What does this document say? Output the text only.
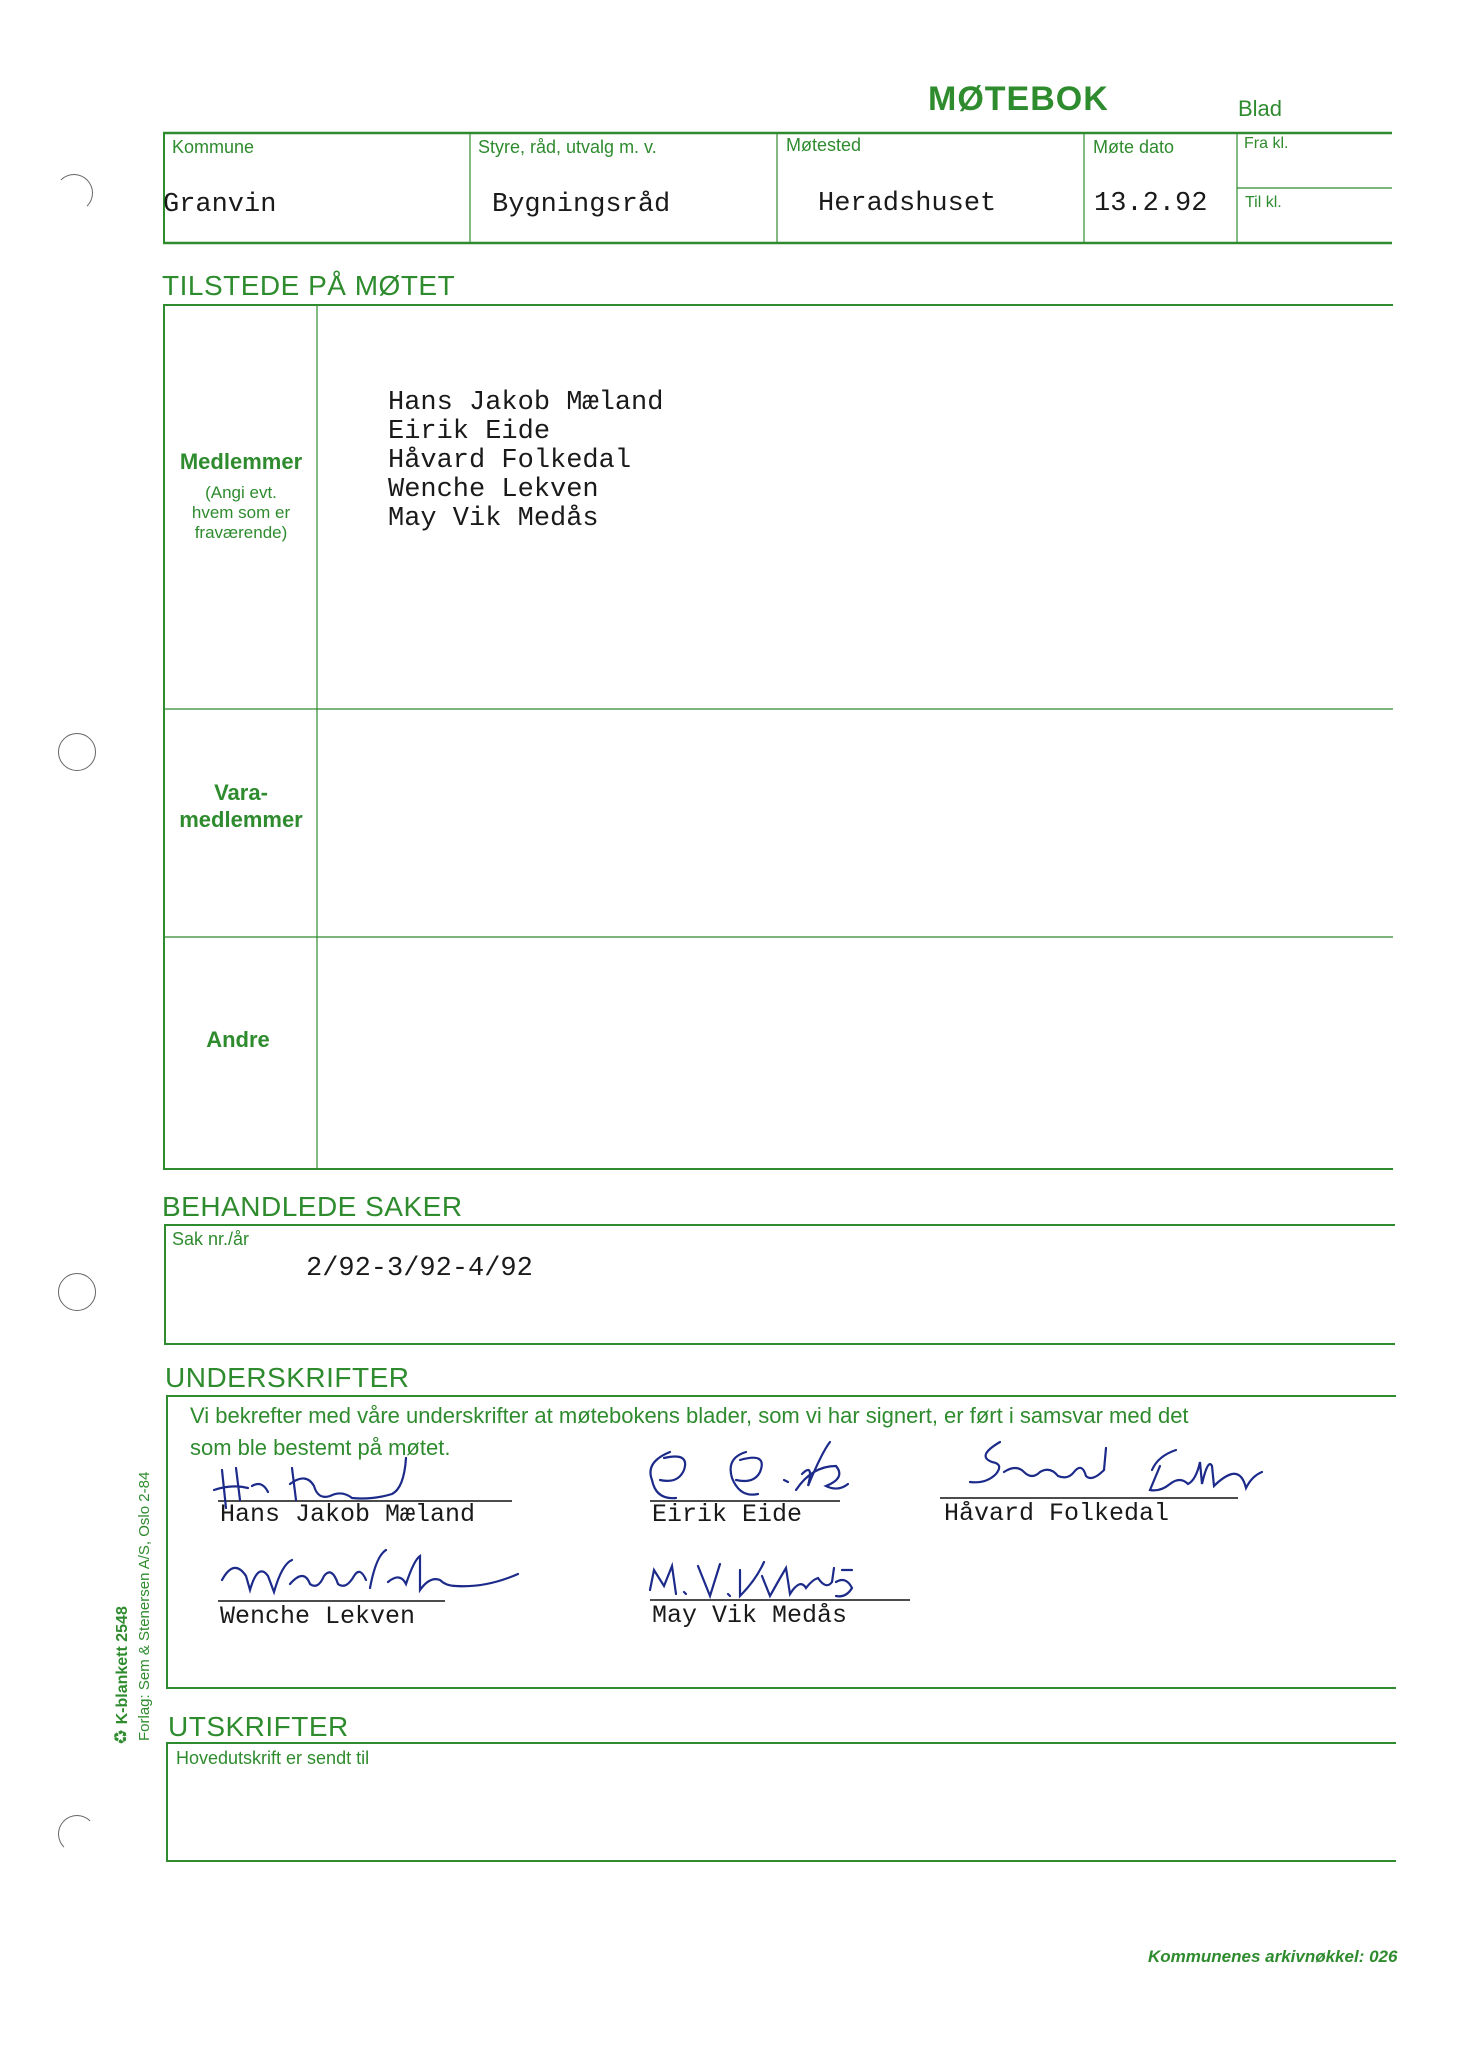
MØTEBOK	Blad
Kommune
Granvin
Styre, råd, utvalg m. v.
Bygningsråd
Møtested
Heradshuset
Møte dato
13.2.92
Fra kl.
Til kl.
TILSTEDE PÅ MØTET
Medlemmer
(Angi evt.
hvem som er
fraværende)
Hans Jakob Mæland
Eirik Eide
Håvard Folkedal
Wenche Lekven
May Vik Medås
Vara-
medlemmer
Andre
BEHANDLEDE SAKER
Sak nr./år
2/92-3/92-4/92
UNDERSKRIFTER
Vi bekrefter med våre underskrifter at møtebokens blader, som vi har signert, er ført i samsvar med det
som ble bestemt på møtet.
Hans Jakob Mæland	Eirik Eide	Håvard Folkedal
Wenche Lekven	May Vik Medås
UTSKRIFTER
Hovedutskrift er sendt til
♻ K-blankett 2548 Forlag: Sem & Stenersen A/S, Oslo 2-84
Kommunenes arkivnøkkel: 026
